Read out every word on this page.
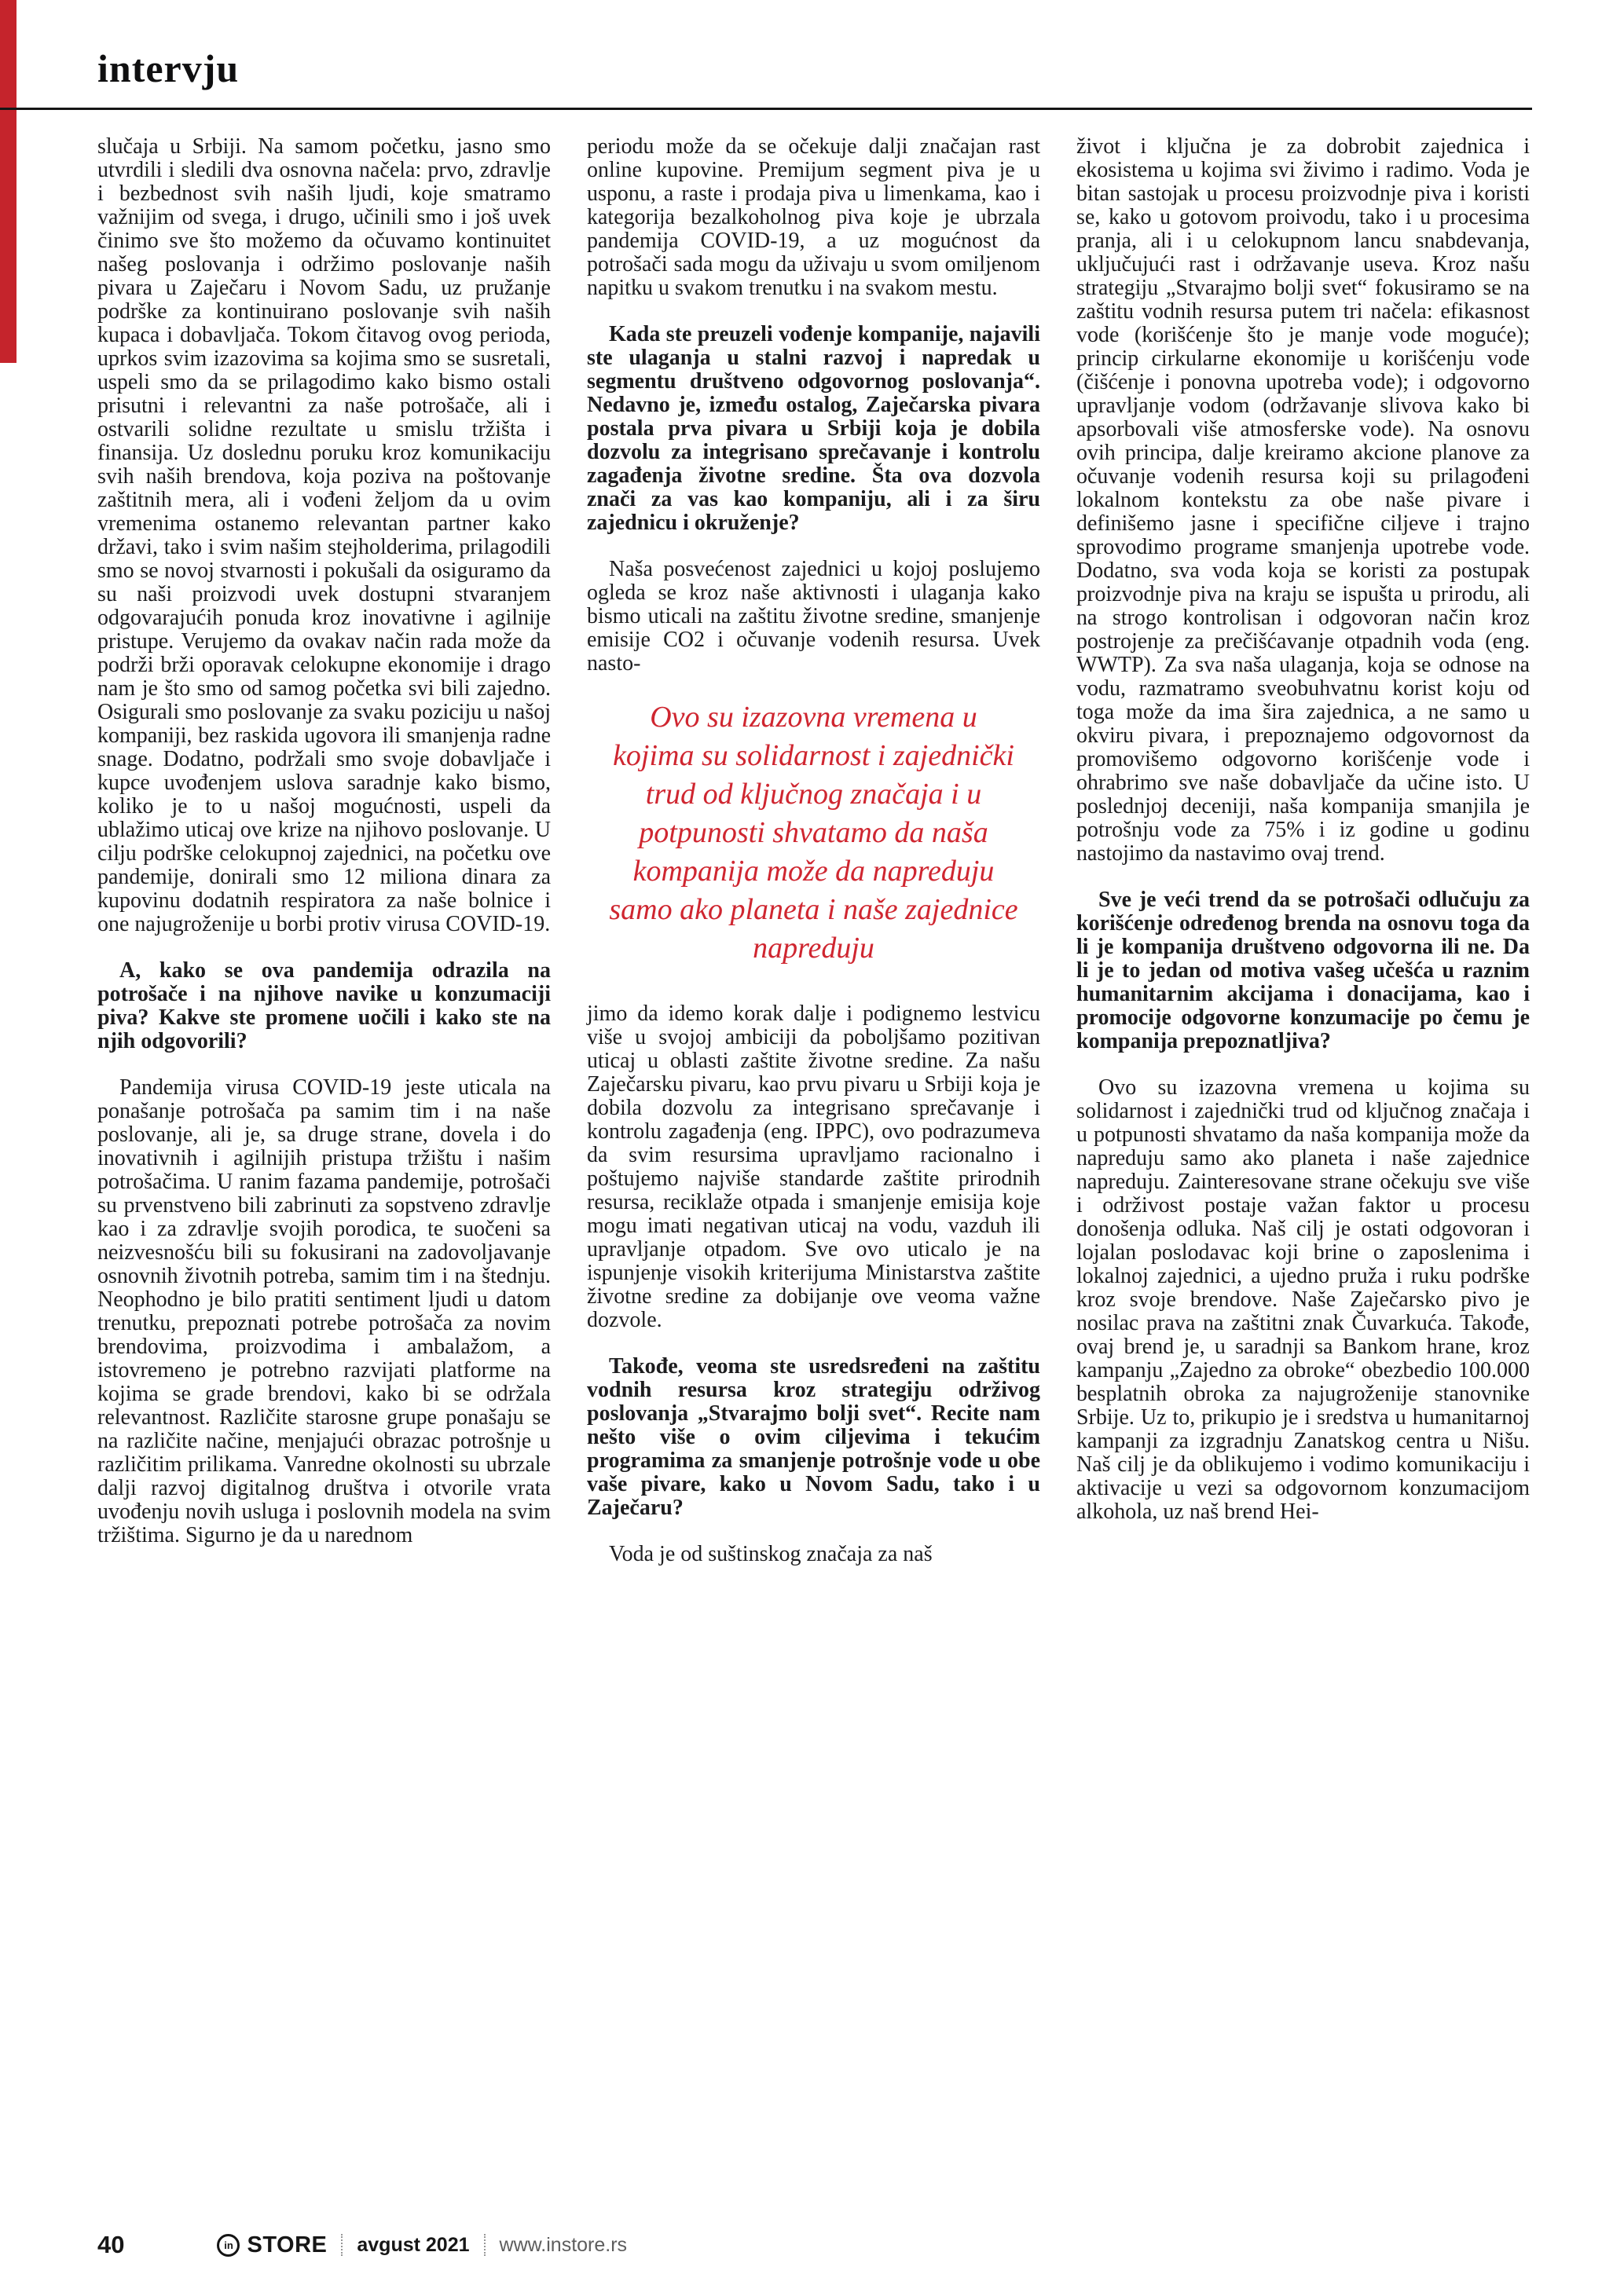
intervju

slučaja u Srbiji. Na samom početku, jasno smo utvrdili i sledili dva osnovna načela: prvo, zdravlje i bezbednost svih naših ljudi, koje smatramo važnijim od svega, i drugo, učinili smo i još uvek činimo sve što možemo da očuvamo kontinuitet našeg poslovanja i održimo poslovanje naših pivara u Zaječaru i Novom Sadu, uz pružanje podrške za kontinuirano poslovanje svih naših kupaca i dobavljača. Tokom čitavog ovog perioda, uprkos svim izazovima sa kojima smo se susretali, uspeli smo da se prilagodimo kako bismo ostali prisutni i relevantni za naše potrošače, ali i ostvarili solidne rezultate u smislu tržišta i finansija. Uz doslednu poruku kroz komunikaciju svih naših brendova, koja poziva na poštovanje zaštitnih mera, ali i vođeni željom da u ovim vremenima ostanemo relevantan partner kako državi, tako i svim našim stejholderima, prilagodili smo se novoj stvarnosti i pokušali da osiguramo da su naši proizvodi uvek dostupni stvaranjem odgovarajućih ponuda kroz inovativne i agilnije pristupe. Verujemo da ovakav način rada može da podrži brži oporavak celokupne ekonomije i drago nam je što smo od samog početka svi bili zajedno. Osigurali smo poslovanje za svaku poziciju u našoj kompaniji, bez raskida ugovora ili smanjenja radne snage. Dodatno, podržali smo svoje dobavljače i kupce uvođenjem uslova saradnje kako bismo, koliko je to u našoj mogućnosti, uspeli da ublažimo uticaj ove krize na njihovo poslovanje. U cilju podrške celokupnoj zajednici, na početku ove pandemije, donirali smo 12 miliona dinara za kupovinu dodatnih respiratora za naše bolnice i one najugroženije u borbi protiv virusa COVID-19.

A, kako se ova pandemija odrazila na potrošače i na njihove navike u konzumaciji piva? Kakve ste promene uočili i kako ste na njih odgovorili?

Pandemija virusa COVID-19 jeste uticala na ponašanje potrošača pa samim tim i na naše poslovanje, ali je, sa druge strane, dovela i do inovativnih i agilnijih pristupa tržištu i našim potrošačima. U ranim fazama pandemije, potrošači su prvenstveno bili zabrinuti za sopstveno zdravlje kao i za zdravlje svojih porodica, te suočeni sa neizvesnošću bili su fokusirani na zadovoljavanje osnovnih životnih potreba, samim tim i na štednju. Neophodno je bilo pratiti sentiment ljudi u datom trenutku, prepoznati potrebe potrošača za novim brendovima, proizvodima i ambalažom, a istovremeno je potrebno razvijati platforme na kojima se grade brendovi, kako bi se održala relevantnost. Različite starosne grupe ponašaju se na različite načine, menjajući obrazac potrošnje u različitim prilikama. Vanredne okolnosti su ubrzale dalji razvoj digitalnog društva i otvorile vrata uvođenju novih usluga i poslovnih modela na svim tržištima. Sigurno je da u narednom

periodu može da se očekuje dalji značajan rast online kupovine. Premijum segment piva je u usponu, a raste i prodaja piva u limenkama, kao i kategorija bezalkoholnog piva koje je ubrzala pandemija COVID-19, a uz mogućnost da potrošači sada mogu da uživaju u svom omiljenom napitku u svakom trenutku i na svakom mestu.

Kada ste preuzeli vođenje kompanije, najavili ste ulaganja u stalni razvoj i napredak u segmentu društveno odgovornog poslovanja“. Nedavno je, između ostalog, Zaječarska pivara postala prva pivara u Srbiji koja je dobila dozvolu za integrisano sprečavanje i kontrolu zagađenja životne sredine. Šta ova dozvola znači za vas kao kompaniju, ali i za širu zajednicu i okruženje?

Naša posvećenost zajednici u kojoj poslujemo ogleda se kroz naše aktivnosti i ulaganja kako bismo uticali na zaštitu životne sredine, smanjenje emisije CO2 i očuvanje vodenih resursa. Uvek nasto-

Ovo su izazovna vremena u kojima su solidarnost i zajednički trud od ključnog značaja i u potpunosti shvatamo da naša kompanija može da napreduju samo ako planeta i naše zajednice napreduju

jimo da idemo korak dalje i podignemo lestvicu više u svojoj ambiciji da poboljšamo pozitivan uticaj u oblasti zaštite životne sredine. Za našu Zaječarsku pivaru, kao prvu pivaru u Srbiji koja je dobila dozvolu za integrisano sprečavanje i kontrolu zagađenja (eng. IPPC), ovo podrazumeva da svim resursima upravljamo racionalno i poštujemo najviše standarde zaštite prirodnih resursa, reciklaže otpada i smanjenje emisija koje mogu imati negativan uticaj na vodu, vazduh ili upravljanje otpadom. Sve ovo uticalo je na ispunjenje visokih kriterijuma Ministarstva zaštite životne sredine za dobijanje ove veoma važne dozvole.

Takođe, veoma ste usredsređeni na zaštitu vodnih resursa kroz strategiju održivog poslovanja „Stvarajmo bolji svet“. Recite nam nešto više o ovim ciljevima i tekućim programima za smanjenje potrošnje vode u obe vaše pivare, kako u Novom Sadu, tako i u Zaječaru?

Voda je od suštinskog značaja za naš

život i ključna je za dobrobit zajednica i ekosistema u kojima svi živimo i radimo. Voda je bitan sastojak u procesu proizvodnje piva i koristi se, kako u gotovom proivodu, tako i u procesima pranja, ali i u celokupnom lancu snabdevanja, uključujući rast i održavanje useva. Kroz našu strategiju „Stvarajmo bolji svet“ fokusiramo se na zaštitu vodnih resursa putem tri načela: efikasnost vode (korišćenje što je manje vode moguće); princip cirkularne ekonomije u korišćenju vode (čišćenje i ponovna upotreba vode); i odgovorno upravljanje vodom (održavanje slivova kako bi apsorbovali više atmosferske vode). Na osnovu ovih principa, dalje kreiramo akcione planove za očuvanje vodenih resursa koji su prilagođeni lokalnom kontekstu za obe naše pivare i definišemo jasne i specifične ciljeve i trajno sprovodimo programe smanjenja upotrebe vode. Dodatno, sva voda koja se koristi za postupak proizvodnje piva na kraju se ispušta u prirodu, ali na strogo kontrolisan i odgovoran način kroz postrojenje za prečišćavanje otpadnih voda (eng. WWTP). Za sva naša ulaganja, koja se odnose na vodu, razmatramo sveobuhvatnu korist koju od toga može da ima šira zajednica, a ne samo u okviru pivara, i prepoznajemo odgovornost da promovišemo odgovorno korišćenje vode i ohrabrimo sve naše dobavljače da učine isto. U poslednjoj deceniji, naša kompanija smanjila je potrošnju vode za 75% i iz godine u godinu nastojimo da nastavimo ovaj trend.

Sve je veći trend da se potrošači odlučuju za korišćenje određenog brenda na osnovu toga da li je kompanija društveno odgovorna ili ne. Da li je to jedan od motiva vašeg učešća u raznim humanitarnim akcijama i donacijama, kao i promocije odgovorne konzumacije po čemu je kompanija prepoznatljiva?

Ovo su izazovna vremena u kojima su solidarnost i zajednički trud od ključnog značaja i u potpunosti shvatamo da naša kompanija može da napreduju samo ako planeta i naše zajednice napreduju. Zainteresovane strane očekuju sve više i održivost postaje važan faktor u procesu donošenja odluka. Naš cilj je ostati odgovoran i lojalan poslodavac koji brine o zaposlenima i lokalnoj zajednici, a ujedno pruža i ruku podrške kroz svoje brendove. Naše Zaječarsko pivo je nosilac prava na zaštitni znak Čuvarkuća. Takođe, ovaj brend je, u saradnji sa Bankom hrane, kroz kampanju „Zajedno za obroke“ obezbedio 100.000 besplatnih obroka za najugroženije stanovnike Srbije. Uz to, prikupio je i sredstva u humanitarnoj kampanji za izgradnju Zanatskog centra u Nišu. Naš cilj je da oblikujemo i vodimo komunikaciju i aktivacije u vezi sa odgovornom konzumacijom alkohola, uz naš brend Hei-

40	in STORE avgust 2021 www.instore.rs
